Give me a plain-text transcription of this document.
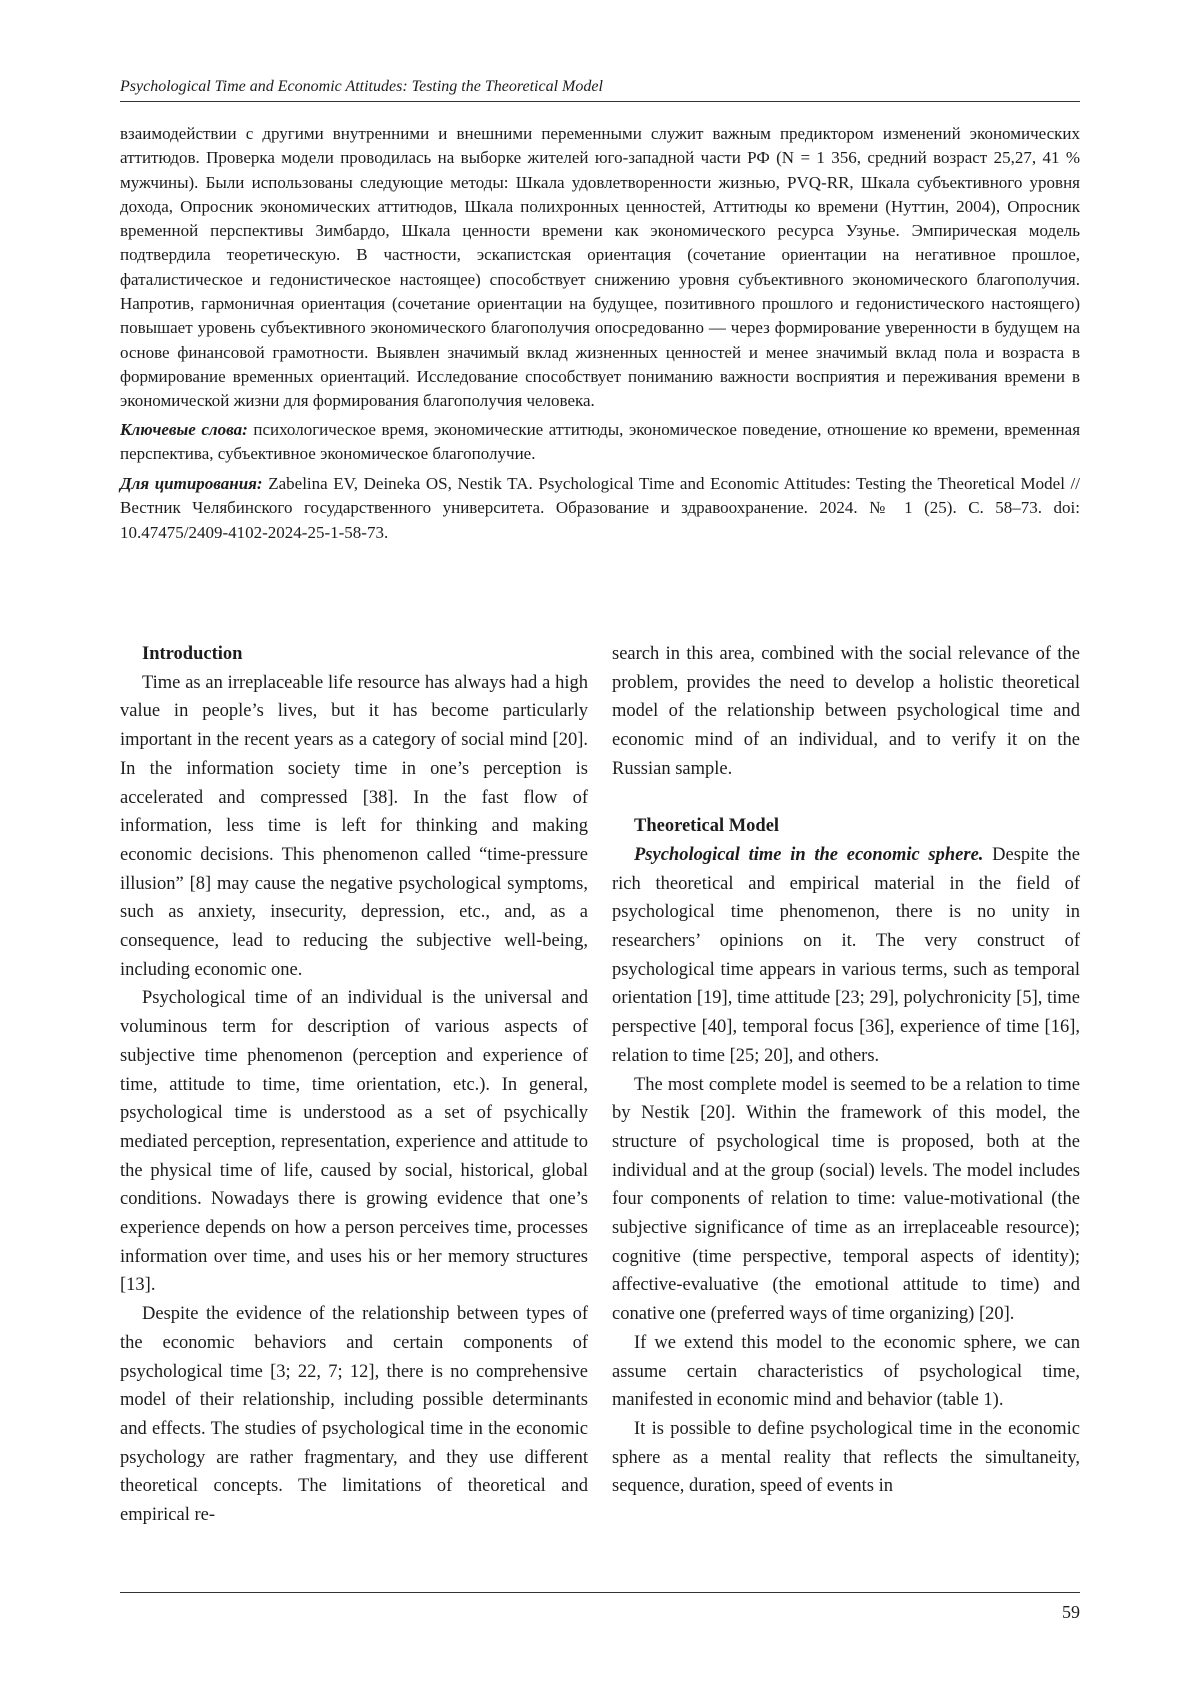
Psychological Time and Economic Attitudes: Testing the Theoretical Model

взаимодействии с другими внутренними и внешними переменными служит важным предиктором изменений экономических аттитюдов. Проверка модели проводилась на выборке жителей юго-западной части РФ (N = 1 356, средний возраст 25,27, 41 % мужчины). Были использованы следующие методы: Шкала удовлетворенности жизнью, PVQ-RR, Шкала субъективного уровня дохода, Опросник экономических аттитюдов, Шкала полихронных ценностей, Аттитюды ко времени (Нуттин, 2004), Опросник временной перспективы Зимбардо, Шкала ценности времени как экономического ресурса Узунье. Эмпирическая модель подтвердила теоретическую. В частности, эскапистская ориентация (сочетание ориентации на негативное прошлое, фаталистическое и гедонистическое настоящее) способствует снижению уровня субъективного экономического благополучия. Напротив, гармоничная ориентация (сочетание ориентации на будущее, позитивного прошлого и гедонистического настоящего) повышает уровень субъективного экономического благополучия опосредованно — через формирование уверенности в будущем на основе финансовой грамотности. Выявлен значимый вклад жизненных ценностей и менее значимый вклад пола и возраста в формирование временных ориентаций. Исследование способствует пониманию важности восприятия и переживания времени в экономической жизни для формирования благополучия человека.

Ключевые слова: психологическое время, экономические аттитюды, экономическое поведение, отношение ко времени, временная перспектива, субъективное экономическое благополучие.

Для цитирования: Zabelina EV, Deineka OS, Nestik TA. Psychological Time and Economic Attitudes: Testing the Theoretical Model // Вестник Челябинского государственного университета. Образование и здравоохранение. 2024. № 1 (25). С. 58–73. doi: 10.47475/2409-4102-2024-25-1-58-73.

Introduction

Time as an irreplaceable life resource has always had a high value in people’s lives, but it has become particularly important in the recent years as a category of social mind [20]. In the information society time in one’s perception is accelerated and compressed [38]. In the fast flow of information, less time is left for thinking and making economic decisions. This phenomenon called “time-pressure illusion” [8] may cause the negative psychological symptoms, such as anxiety, insecurity, depression, etc., and, as a consequence, lead to reducing the subjective well-being, including economic one.

Psychological time of an individual is the universal and voluminous term for description of various aspects of subjective time phenomenon (perception and experience of time, attitude to time, time orientation, etc.). In general, psychological time is understood as a set of psychically mediated perception, representation, experience and attitude to the physical time of life, caused by social, historical, global conditions. Nowadays there is growing evidence that one’s experience depends on how a person perceives time, processes information over time, and uses his or her memory structures [13].

Despite the evidence of the relationship between types of the economic behaviors and certain components of psychological time [3; 22, 7; 12], there is no comprehensive model of their relationship, including possible determinants and effects. The studies of psychological time in the economic psychology are rather fragmentary, and they use different theoretical concepts. The limitations of theoretical and empirical re-

search in this area, combined with the social relevance of the problem, provides the need to develop a holistic theoretical model of the relationship between psychological time and economic mind of an individual, and to verify it on the Russian sample.

Theoretical Model

Psychological time in the economic sphere. Despite the rich theoretical and empirical material in the field of psychological time phenomenon, there is no unity in researchers’ opinions on it. The very construct of psychological time appears in various terms, such as temporal orientation [19], time attitude [23; 29], polychronicity [5], time perspective [40], temporal focus [36], experience of time [16], relation to time [25; 20], and others.

The most complete model is seemed to be a relation to time by Nestik [20]. Within the framework of this model, the structure of psychological time is proposed, both at the individual and at the group (social) levels. The model includes four components of relation to time: value-motivational (the subjective significance of time as an irreplaceable resource); cognitive (time perspective, temporal aspects of identity); affective-evaluative (the emotional attitude to time) and conative one (preferred ways of time organizing) [20].

If we extend this model to the economic sphere, we can assume certain characteristics of psychological time, manifested in economic mind and behavior (table 1).

It is possible to define psychological time in the economic sphere as a mental reality that reflects the simultaneity, sequence, duration, speed of events in

59
